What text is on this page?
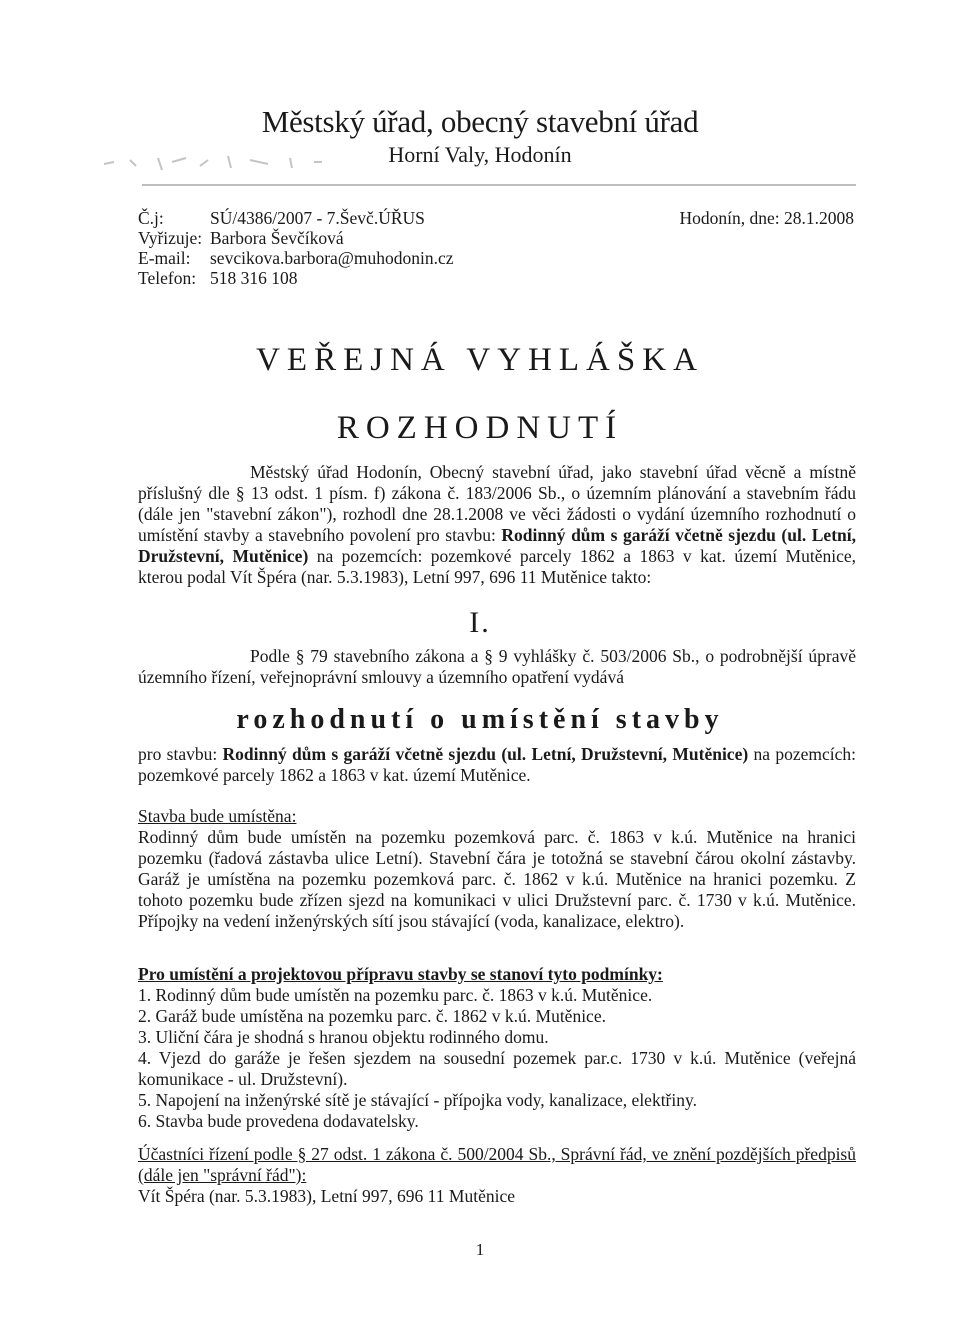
Městský úřad, obecný stavební úřad
Horní Valy, Hodonín
Č.j:	SÚ/4386/2007 - 7.Ševč.ÚŘUS
Vyřizuje: Barbora Ševčíková
E-mail:	sevcikova.barbora@muhodonin.cz
Telefon: 518 316 108
Hodonín, dne: 28.1.2008
VEŘEJNÁ VYHLÁŠKA
ROZHODNUTÍ
Městský úřad Hodonín, Obecný stavební úřad, jako stavební úřad věcně a místně příslušný dle § 13 odst. 1 písm. f) zákona č. 183/2006 Sb., o územním plánování a stavebním řádu (dále jen "stavební zákon"), rozhodl dne 28.1.2008 ve věci žádosti o vydání územního rozhodnutí o umístění stavby a stavebního povolení pro stavbu: Rodinný dům s garáží včetně sjezdu (ul. Letní, Družstevní, Mutěnice) na pozemcích: pozemkové parcely 1862 a 1863 v kat. území Mutěnice, kterou podal Vít Špéra (nar. 5.3.1983), Letní 997, 696 11 Mutěnice takto:
I.
Podle § 79 stavebního zákona a § 9 vyhlášky č. 503/2006 Sb., o podrobnější úpravě územního řízení, veřejnoprávní smlouvy a územního opatření vydává
rozhodnutí o umístění stavby
pro stavbu: Rodinný dům s garáží včetně sjezdu (ul. Letní, Družstevní, Mutěnice) na pozemcích: pozemkové parcely 1862 a 1863 v kat. území Mutěnice.
Stavba bude umístěna:
Rodinný dům bude umístěn na pozemku pozemková parc. č. 1863 v k.ú. Mutěnice na hranici pozemku (řadová zástavba ulice Letní). Stavební čára je totožná se stavební čárou okolní zástavby. Garáž je umístěna na pozemku pozemková parc. č. 1862 v k.ú. Mutěnice na hranici pozemku. Z tohoto pozemku bude zřízen sjezd na komunikaci v ulici Družstevní parc. č. 1730 v k.ú. Mutěnice. Přípojky na vedení inženýrských sítí jsou stávající (voda, kanalizace, elektro).
Pro umístění a projektovou přípravu stavby se stanoví tyto podmínky:
1. Rodinný dům bude umístěn na pozemku parc. č. 1863 v k.ú. Mutěnice.
2. Garáž bude umístěna na pozemku parc. č. 1862 v k.ú. Mutěnice.
3. Uliční čára je shodná s hranou objektu rodinného domu.
4. Vjezd do garáže je řešen sjezdem na sousední pozemek par.c. 1730 v k.ú. Mutěnice (veřejná komunikace - ul. Družstevní).
5. Napojení na inženýrské sítě je stávající - přípojka vody, kanalizace, elektřiny.
6. Stavba bude provedena dodavatelsky.
Účastníci řízení podle § 27 odst. 1 zákona č. 500/2004 Sb., Správní řád, ve znění pozdějších předpisů (dále jen "správní řád"):
Vít Špéra (nar. 5.3.1983), Letní 997, 696 11 Mutěnice
1
